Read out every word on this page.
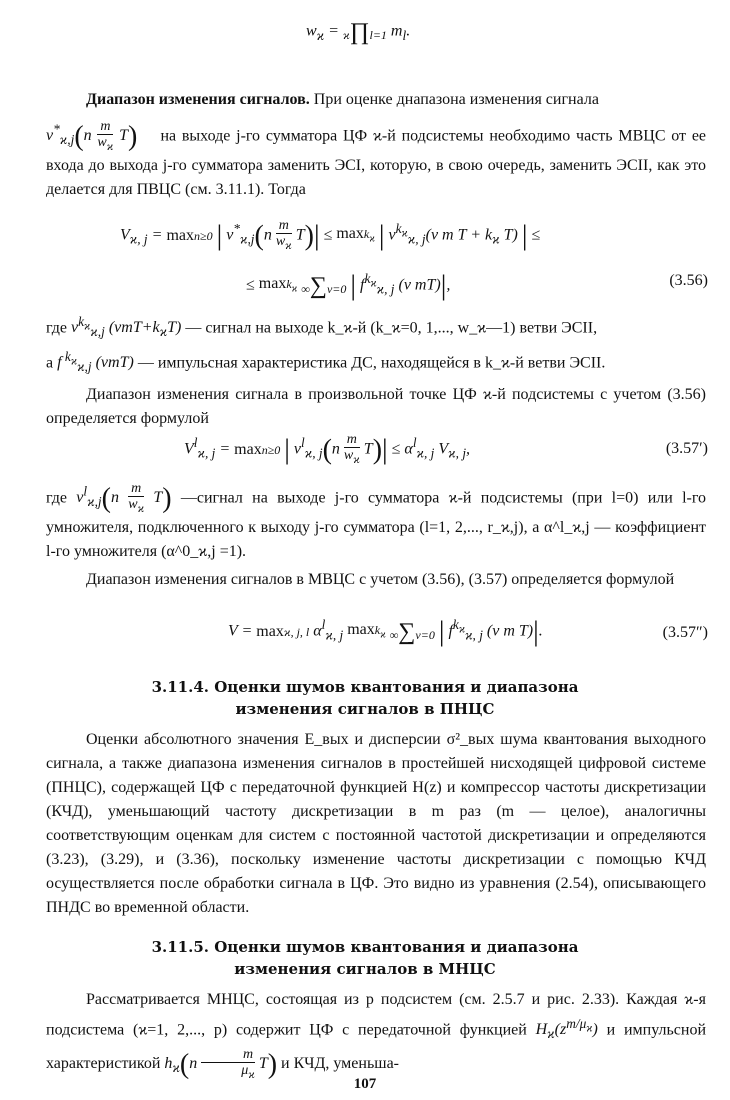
$w_ϰ$ = ϰ∏l=1 $m_l$.

Диапазон изменения сигналов. При оценке днапазона изменения сигнала

$v^*_{ϰ,j}(n \frac{m}{w_ϰ} T)$ на выходе j-го сумматора ЦФ ϰ-й подсистемы необходимо часть МВЦС от ее входа до выхода j-го сумматора заменить ЭСI, которую, в свою очередь, заменить ЭСII, как это делается для ПВЦС (см. 3.11.1). Тогда

$V_{ϰ, j} = \max n\ge 0$ | $v^*_{ϰ,j}(n \frac{m}{w_ϰ} T)| \le \max k_ϰ$ | $\nu^{k_ϰ}_{ϰ, j}(\nu$ m $T + k_ϰ$ T) | ≤
≤ maxk$_ϰ$ ∞∑ν=0 | $f^{k_ϰ}_{ϰ, j}$ (ν mT)|,	(3.56)

где $v^{k_ϰ}_{ϰ,j}$ $(vmT+k_ϰT)$ — сигнал на выходе k_ϰ-й (k_ϰ=0, 1,..., w_ϰ—1) ветви ЭСII,

а f $^{k_ϰ}_{ϰ,j}$ (vmT) — импульсная характеристика ДС, находящейся в k_ϰ-й ветви ЭСII.

Диапазон изменения сигнала в произвольной точке ЦФ ϰ-й подсистемы с учетом (3.56) определяется формулой

$V^l_{ϰ, j} = \max n\ge 0$ | $v^l_{ϰ, j}(n \frac{m}{w_ϰ} T)| \le \alpha^l_{ϰ, j}$ $V_{ϰ, j}$,	(3.57′)

где $v^l_{ϰ,j}(n \frac{m}{w_ϰ} T)$ —сигнал на выходе j-го сумматора ϰ-й подсистемы (при l=0) или l-го умножителя, подключенного к выходу j-го сумматора (l=1, 2,..., r_ϰ,j), а α^l_ϰ,j — коэффициент l-го умножителя (α^0_ϰ,j =1).

Диапазон изменения сигналов в МВЦС с учетом (3.56), (3.57) определяется формулой

V = maxϰ, j, l $\alpha^l_{ϰ, j}$ maxk$_ϰ$ ∞∑ν=0 | $f^{k_ϰ}_{ϰ, j}$ (ν m T)|.	(3.57″)
3.11.4. Оценки шумов квантования и диапазона
изменения сигналов в ПНЦС

Оценки абсолютного значения E_вых и дисперсии σ²_вых шума квантования выходного сигнала, а также диапазона изменения сигналов в простейшей нисходящей цифровой системе (ПНЦС), содержащей ЦФ с передаточной функцией H(z) и компрессор частоты дискретизации (КЧД), уменьшающий частоту дискретизации в m раз (m — целое), аналогичны соответствующим оценкам для систем с постоянной частотой дискретизации и определяются (3.23), (3.29), и (3.36), поскольку изменение частоты дискретизации с помощью КЧД осуществляется после обработки сигнала в ЦФ. Это видно из уравнения (2.54), описывающего ПНДС во временной области.

3.11.5. Оценки шумов квантования и диапазона
изменения сигналов в МНЦС

Рассматривается МНЦС, состоящая из p подсистем (см. 2.5.7 и рис. 2.33). Каждая ϰ-я подсистема (ϰ=1, 2,..., p) содержит ЦФ с передаточной функцией $H_ϰ(z^{m/\mu_ϰ})$ и импульсной характеристикой $h_ϰ(n \frac{m}{\mu_ϰ} T)$ и КЧД, уменьша-

107
